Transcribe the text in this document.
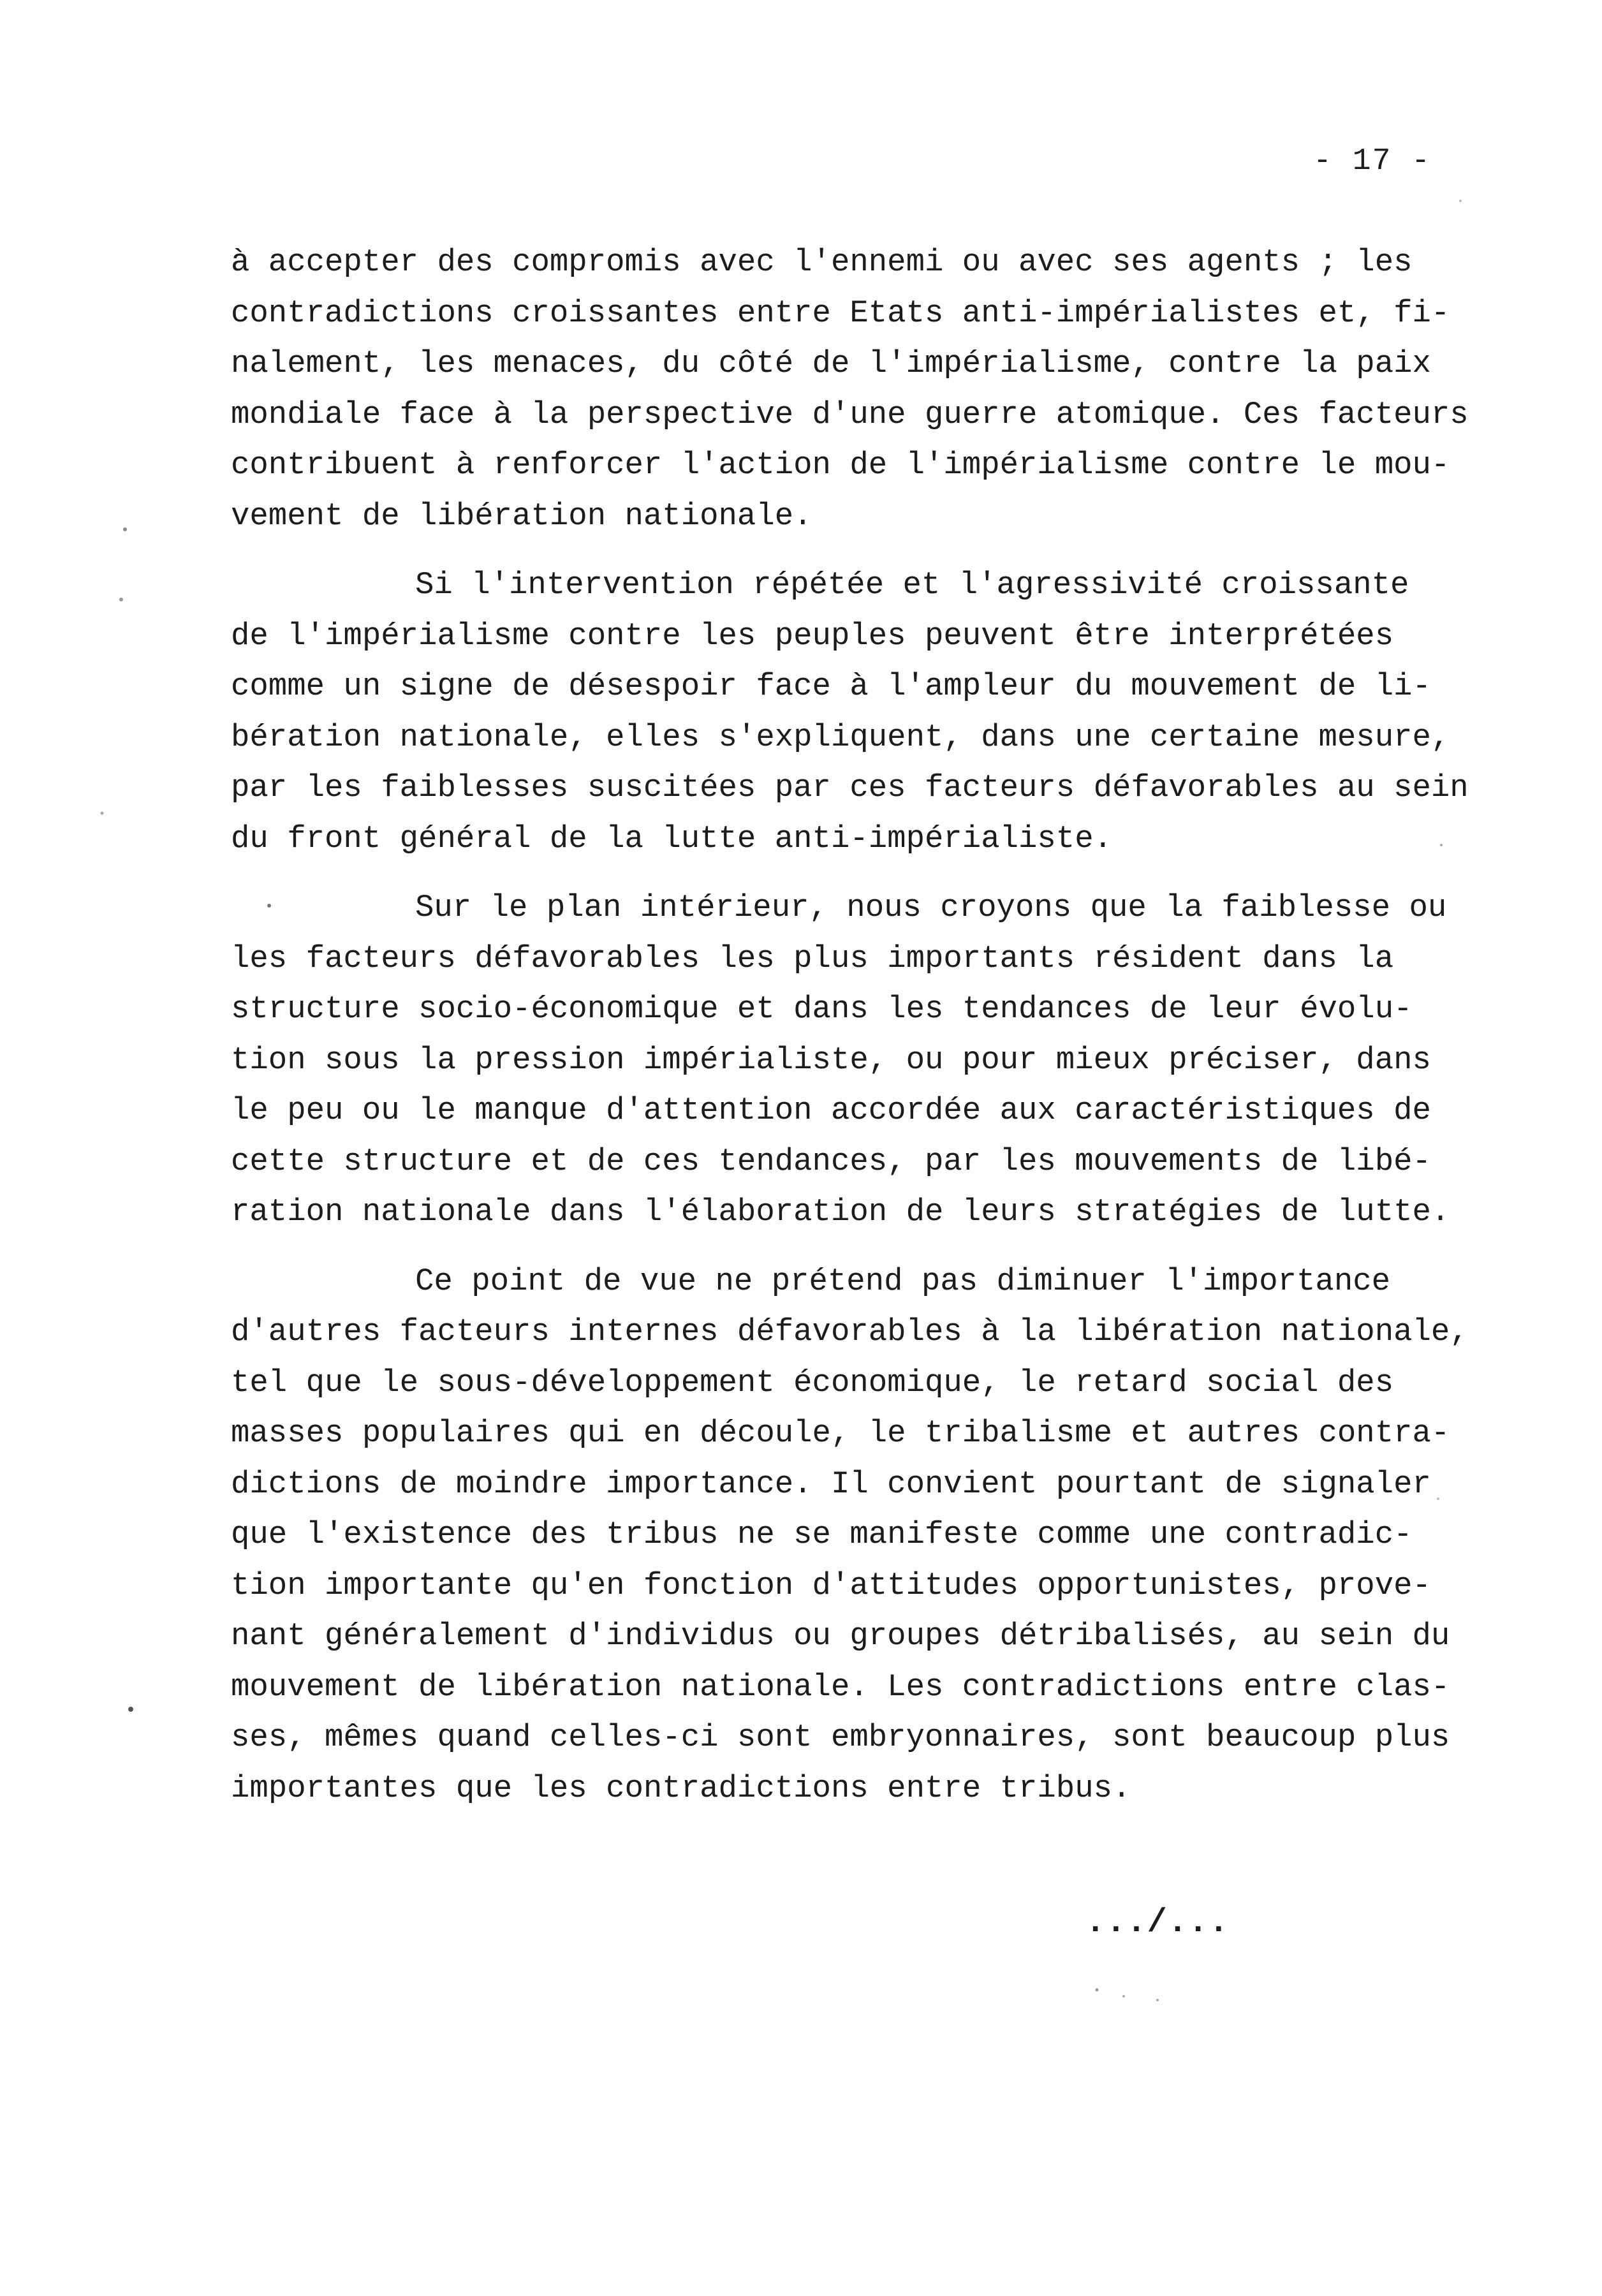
- 17 -
à accepter des compromis avec l'ennemi ou avec ses agents ; les
contradictions croissantes entre Etats anti-impérialistes et, fi-
nalement, les menaces, du côté de l'impérialisme, contre la paix
mondiale face à la perspective d'une guerre atomique. Ces facteurs
contribuent à renforcer l'action de l'impérialisme contre le mou-
vement de libération nationale.
Si l'intervention répétée et l'agressivité croissante
de l'impérialisme contre les peuples peuvent être interprétées
comme un signe de désespoir face à l'ampleur du mouvement de li-
bération nationale, elles s'expliquent, dans une certaine mesure,
par les faiblesses suscitées par ces facteurs défavorables au sein
du front général de la lutte anti-impérialiste.
Sur le plan intérieur, nous croyons que la faiblesse ou
les facteurs défavorables les plus importants résident dans la
structure socio-économique et dans les tendances de leur évolu-
tion sous la pression impérialiste, ou pour mieux préciser, dans
le peu ou le manque d'attention accordée aux caractéristiques de
cette structure et de ces tendances, par les mouvements de libé-
ration nationale dans l'élaboration de leurs stratégies de lutte.
Ce point de vue ne prétend pas diminuer l'importance
d'autres facteurs internes défavorables à la libération nationale,
tel que le sous-développement économique, le retard social des
masses populaires qui en découle, le tribalisme et autres contra-
dictions de moindre importance. Il convient pourtant de signaler
que l'existence des tribus ne se manifeste comme une contradic-
tion importante qu'en fonction d'attitudes opportunistes, prove-
nant généralement d'individus ou groupes détribalisés, au sein du
mouvement de libération nationale. Les contradictions entre clas-
ses, mêmes quand celles-ci sont embryonnaires, sont beaucoup plus
importantes que les contradictions entre tribus.
.../...
